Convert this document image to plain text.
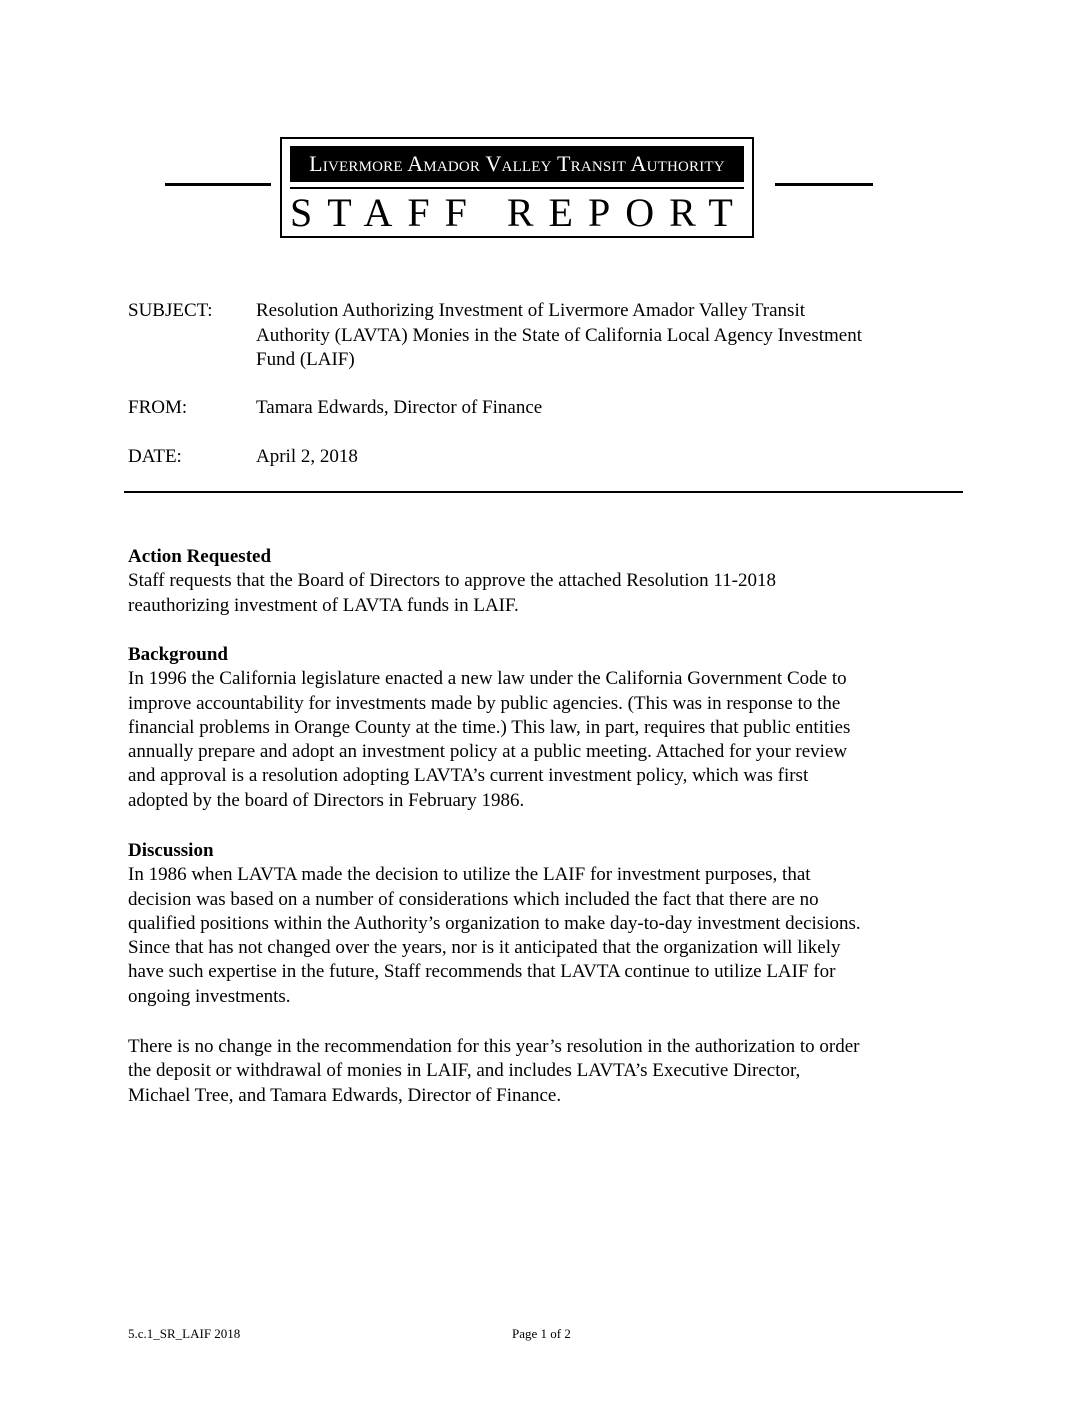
Livermore Amador Valley Transit Authority
STAFF REPORT
SUBJECT:	Resolution Authorizing Investment of Livermore Amador Valley Transit
Authority (LAVTA) Monies in the State of California Local Agency Investment
Fund (LAIF)
FROM:	Tamara Edwards, Director of Finance
DATE:	April 2, 2018
Action Requested

Staff requests that the Board of Directors to approve the attached Resolution 11-2018

reauthorizing investment of LAVTA funds in LAIF.

Background

In 1996 the California legislature enacted a new law under the California Government Code to

improve accountability for investments made by public agencies. (This was in response to the

financial problems in Orange County at the time.) This law, in part, requires that public entities

annually prepare and adopt an investment policy at a public meeting. Attached for your review

and approval is a resolution adopting LAVTA’s current investment policy, which was first

adopted by the board of Directors in February 1986.

Discussion

In 1986 when LAVTA made the decision to utilize the LAIF for investment purposes, that

decision was based on a number of considerations which included the fact that there are no

qualified positions within the Authority’s organization to make day-to-day investment decisions.

Since that has not changed over the years, nor is it anticipated that the organization will likely

have such expertise in the future, Staff recommends that LAVTA continue to utilize LAIF for

ongoing investments.

There is no change in the recommendation for this year’s resolution in the authorization to order

the deposit or withdrawal of monies in LAIF, and includes LAVTA’s Executive Director,

Michael Tree, and Tamara Edwards, Director of Finance.

5.c.1_SR_LAIF 2018	Page 1 of 2
